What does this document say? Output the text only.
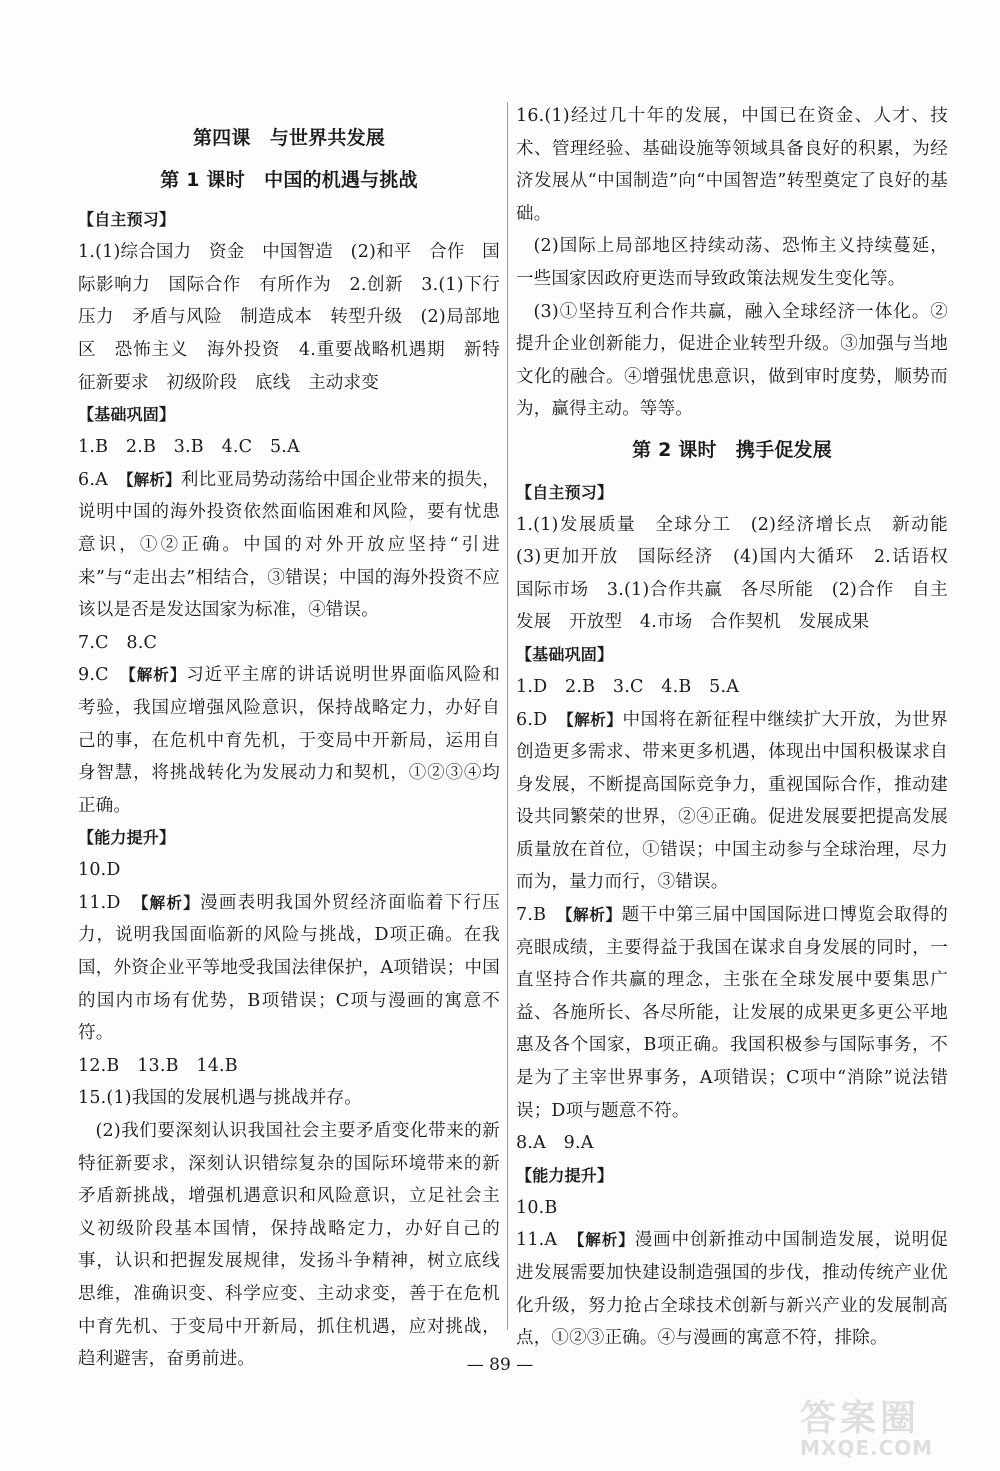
第四课　与世界共发展
第 1 课时　中国的机遇与挑战
【自主预习】
1.(1)综合国力　资金　中国智造　(2)和平　合作　国际影响力　国际合作　有所作为　2.创新　3.(1)下行压力　矛盾与风险　制造成本　转型升级　(2)局部地区　恐怖主义　海外投资　4.重要战略机遇期　新特征新要求　初级阶段　底线　主动求变
【基础巩固】
1.B　2.B　3.B　4.C　5.A
6.A　【解析】利比亚局势动荡给中国企业带来的损失，说明中国的海外投资依然面临困难和风险，要有忧患意识，①②正确。中国的对外开放应坚持“引进来”与“走出去”相结合，③错误；中国的海外投资不应该以是否是发达国家为标准，④错误。
7.C　8.C
9.C　【解析】习近平主席的讲话说明世界面临风险和考验，我国应增强风险意识，保持战略定力，办好自己的事，在危机中育先机，于变局中开新局，运用自身智慧，将挑战转化为发展动力和契机，①②③④均正确。
【能力提升】
10.D
11.D　【解析】漫画表明我国外贸经济面临着下行压力，说明我国面临新的风险与挑战，D项正确。在我国，外资企业平等地受我国法律保护，A项错误；中国的国内市场有优势，B项错误；C项与漫画的寓意不符。
12.B　13.B　14.B
15.(1)我国的发展机遇与挑战并存。
(2)我们要深刻认识我国社会主要矛盾变化带来的新特征新要求，深刻认识错综复杂的国际环境带来的新矛盾新挑战，增强机遇意识和风险意识，立足社会主义初级阶段基本国情，保持战略定力，办好自己的事，认识和把握发展规律，发扬斗争精神，树立底线思维，准确识变、科学应变、主动求变，善于在危机中育先机、于变局中开新局，抓住机遇，应对挑战，趋利避害，奋勇前进。
16.(1)经过几十年的发展，中国已在资金、人才、技术、管理经验、基础设施等领域具备良好的积累，为经济发展从“中国制造”向“中国智造”转型奠定了良好的基础。
(2)国际上局部地区持续动荡、恐怖主义持续蔓延，一些国家因政府更迭而导致政策法规发生变化等。
(3)①坚持互利合作共赢，融入全球经济一体化。②提升企业创新能力，促进企业转型升级。③加强与当地文化的融合。④增强忧患意识，做到审时度势，顺势而为，赢得主动。等等。
第 2 课时　携手促发展
【自主预习】
1.(1)发展质量　全球分工　(2)经济增长点　新动能　(3)更加开放　国际经济　(4)国内大循环　2.话语权　国际市场　3.(1)合作共赢　各尽所能　(2)合作　自主发展　开放型　4.市场　合作契机　发展成果
【基础巩固】
1.D　2.B　3.C　4.B　5.A
6.D　【解析】中国将在新征程中继续扩大开放，为世界创造更多需求、带来更多机遇，体现出中国积极谋求自身发展，不断提高国际竞争力，重视国际合作，推动建设共同繁荣的世界，②④正确。促进发展要把提高发展质量放在首位，①错误；中国主动参与全球治理，尽力而为，量力而行，③错误。
7.B　【解析】题干中第三届中国国际进口博览会取得的亮眼成绩，主要得益于我国在谋求自身发展的同时，一直坚持合作共赢的理念，主张在全球发展中要集思广益、各施所长、各尽所能，让发展的成果更多更公平地惠及各个国家，B项正确。我国积极参与国际事务，不是为了主宰世界事务，A项错误；C项中“消除”说法错误；D项与题意不符。
8.A　9.A
【能力提升】
10.B
11.A　【解析】漫画中创新推动中国制造发展，说明促进发展需要加快建设制造强国的步伐，推动传统产业优化升级，努力抢占全球技术创新与新兴产业的发展制高点，①②③正确。④与漫画的寓意不符，排除。
— 89 —
答案圈
MXQE.COM
